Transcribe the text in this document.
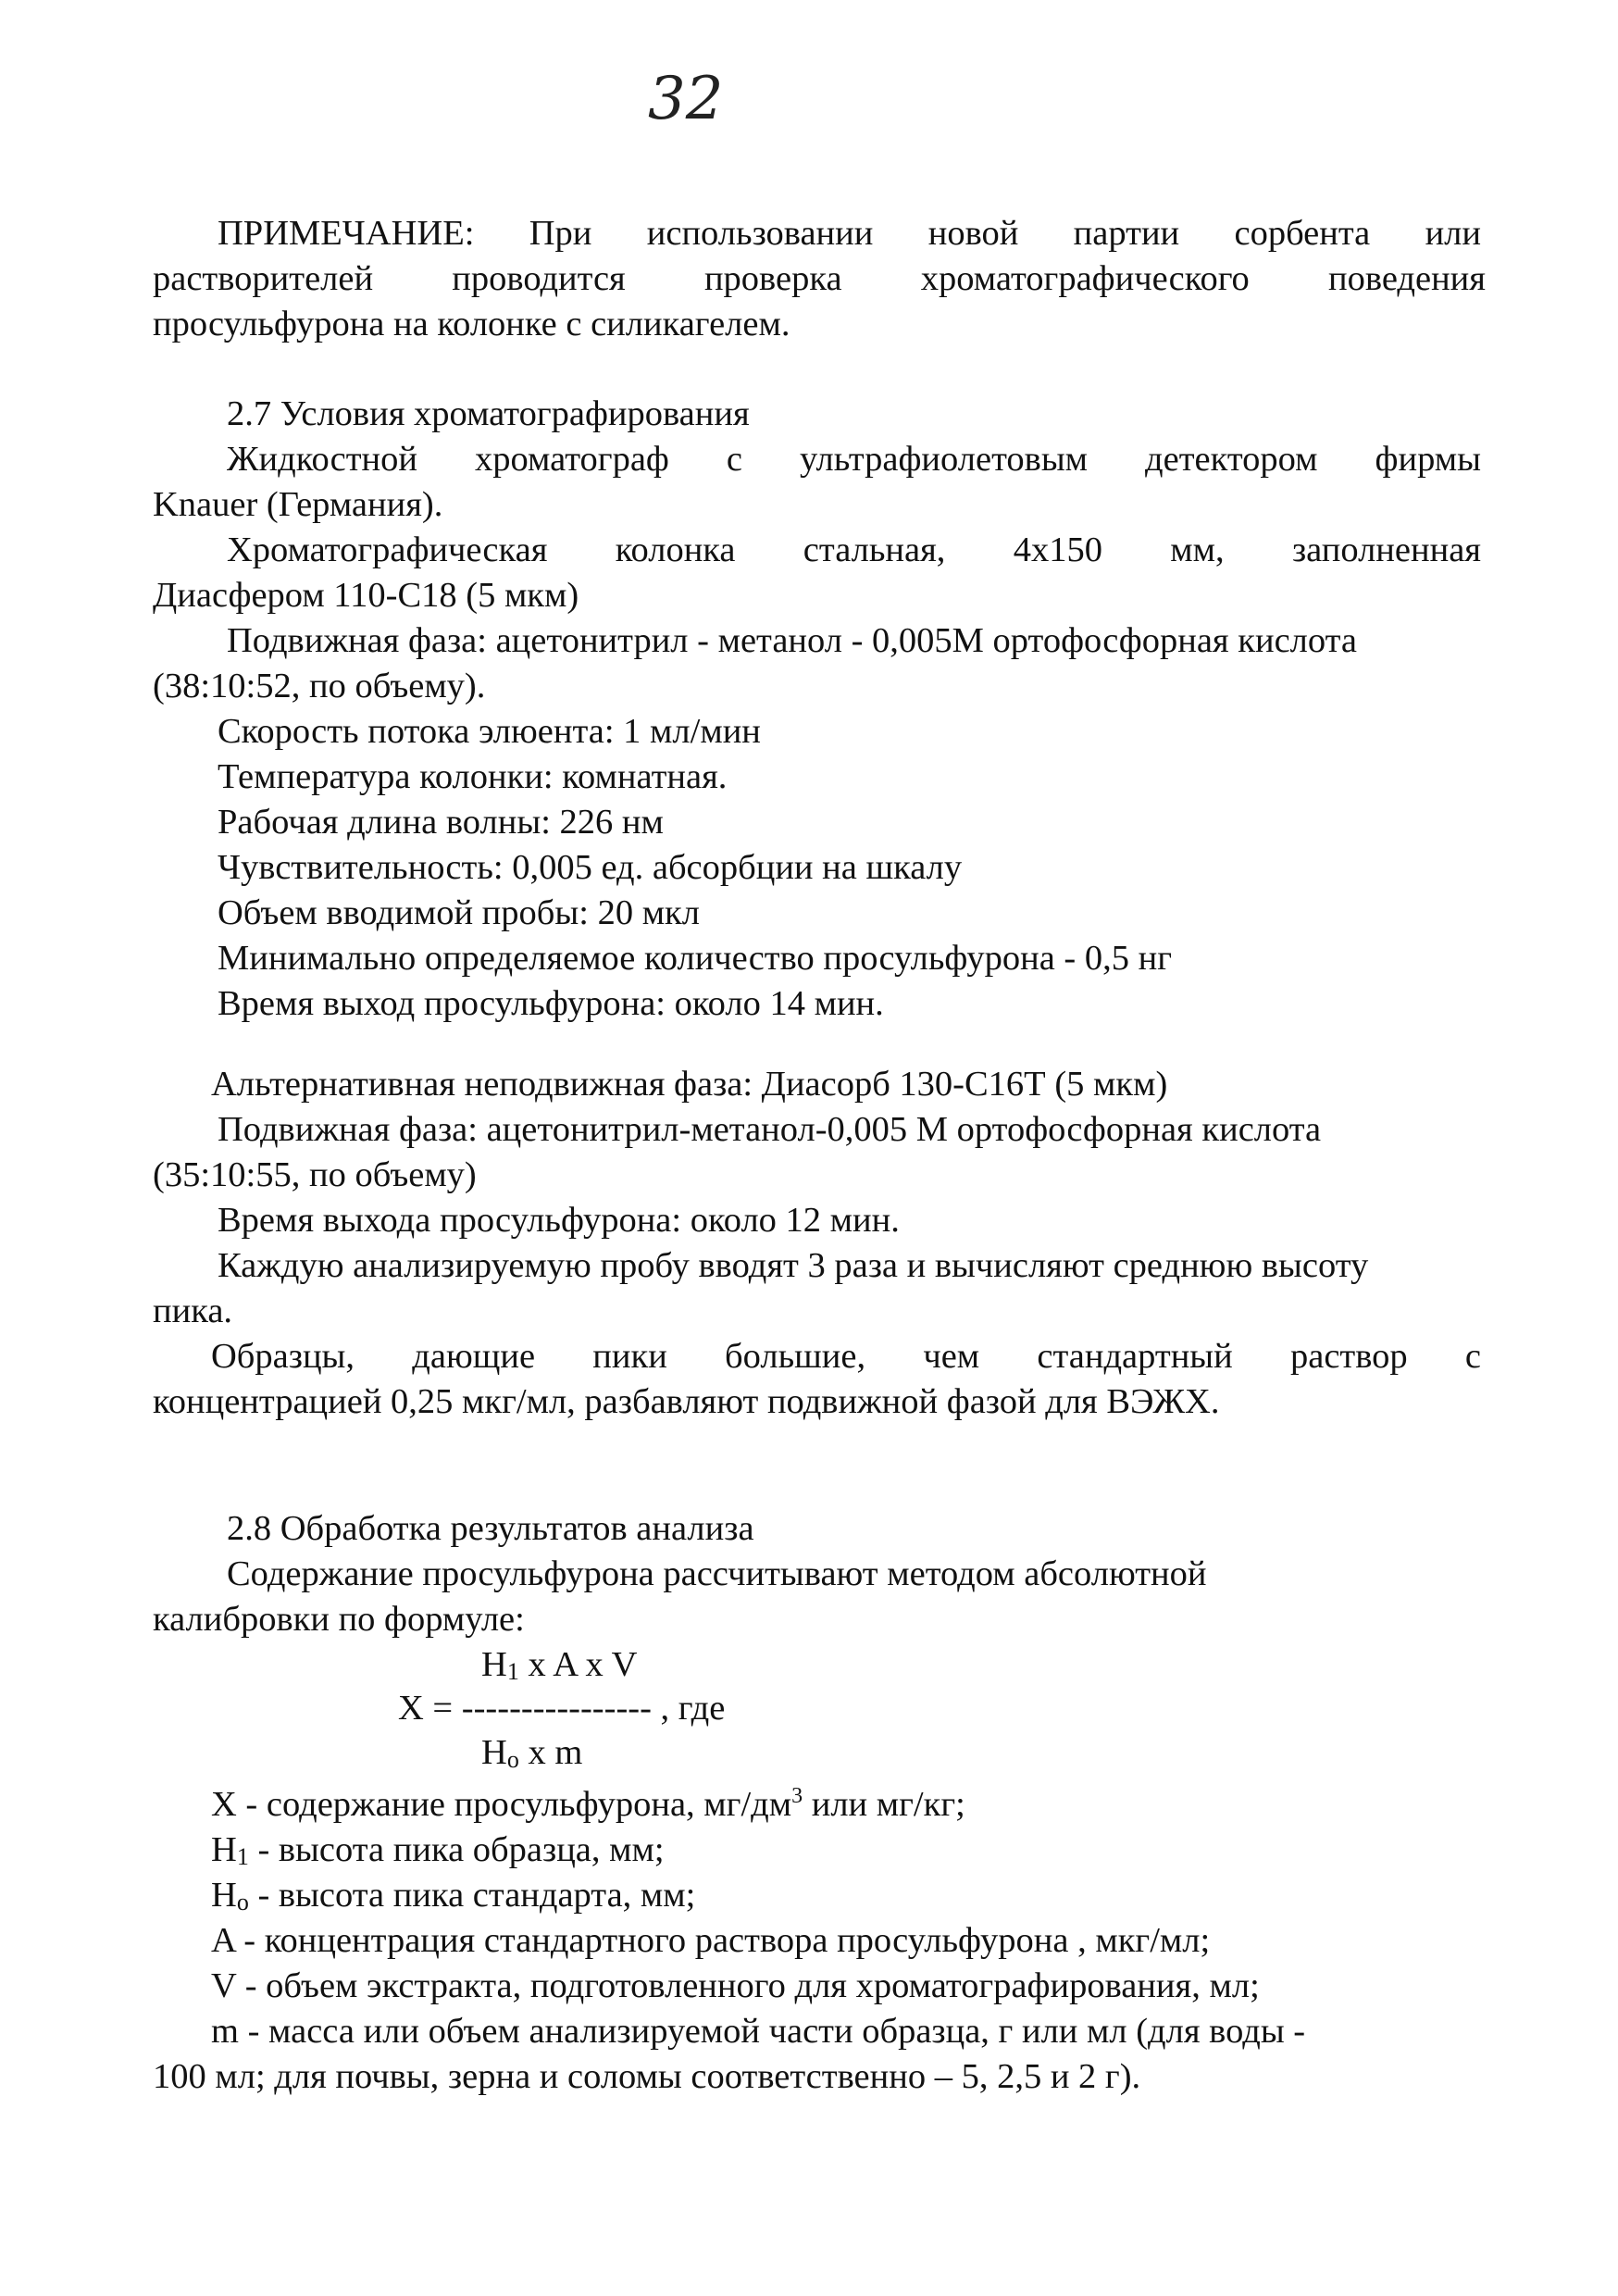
32
ПРИМЕЧАНИЕ: При использовании новой партии сорбента или
растворителей проводится проверка хроматографического поведения
просульфурона на колонке с силикагелем.
2.7 Условия хроматографирования
Жидкостной хроматограф с ультрафиолетовым детектором фирмы
Knauer (Германия).
Хроматографическая колонка стальная, 4х150 мм, заполненная
Диасфером 110-С18 (5 мкм)
Подвижная фаза: ацетонитрил - метанол - 0,005М ортофосфорная кислота
(38:10:52, по объему).
Скорость потока элюента: 1 мл/мин
Температура колонки: комнатная.
Рабочая длина волны: 226 нм
Чувствительность: 0,005 ед. абсорбции на шкалу
Объем вводимой пробы: 20 мкл
Минимально определяемое количество просульфурона - 0,5 нг
Время выход просульфурона: около 14 мин.
Альтернативная неподвижная фаза: Диасорб 130-С16Т (5 мкм)
Подвижная фаза: ацетонитрил-метанол-0,005 М ортофосфорная кислота
(35:10:55, по объему)
Время выхода просульфурона: около 12 мин.
Каждую анализируемую пробу вводят 3 раза и вычисляют среднюю высоту
пика.
Образцы, дающие пики большие, чем стандартный раствор с
концентрацией 0,25 мкг/мл, разбавляют подвижной фазой для ВЭЖХ.
2.8 Обработка результатов анализа
Содержание просульфурона рассчитывают методом абсолютной
калибровки по формуле:
$H_1$ x A x V
X = ---------------- , где
$H_o$ x m
X - содержание просульфурона, $мг/дм^3$ или мг/кг;
$H_1$ - высота пика образца, мм;
$H_o$ - высота пика стандарта, мм;
A - концентрация стандартного раствора просульфурона , мкг/мл;
V - объем экстракта, подготовленного для хроматографирования, мл;
m - масса или объем анализируемой части образца, г или мл (для воды -
100 мл; для почвы, зерна и соломы соответственно – 5, 2,5 и 2 г).
